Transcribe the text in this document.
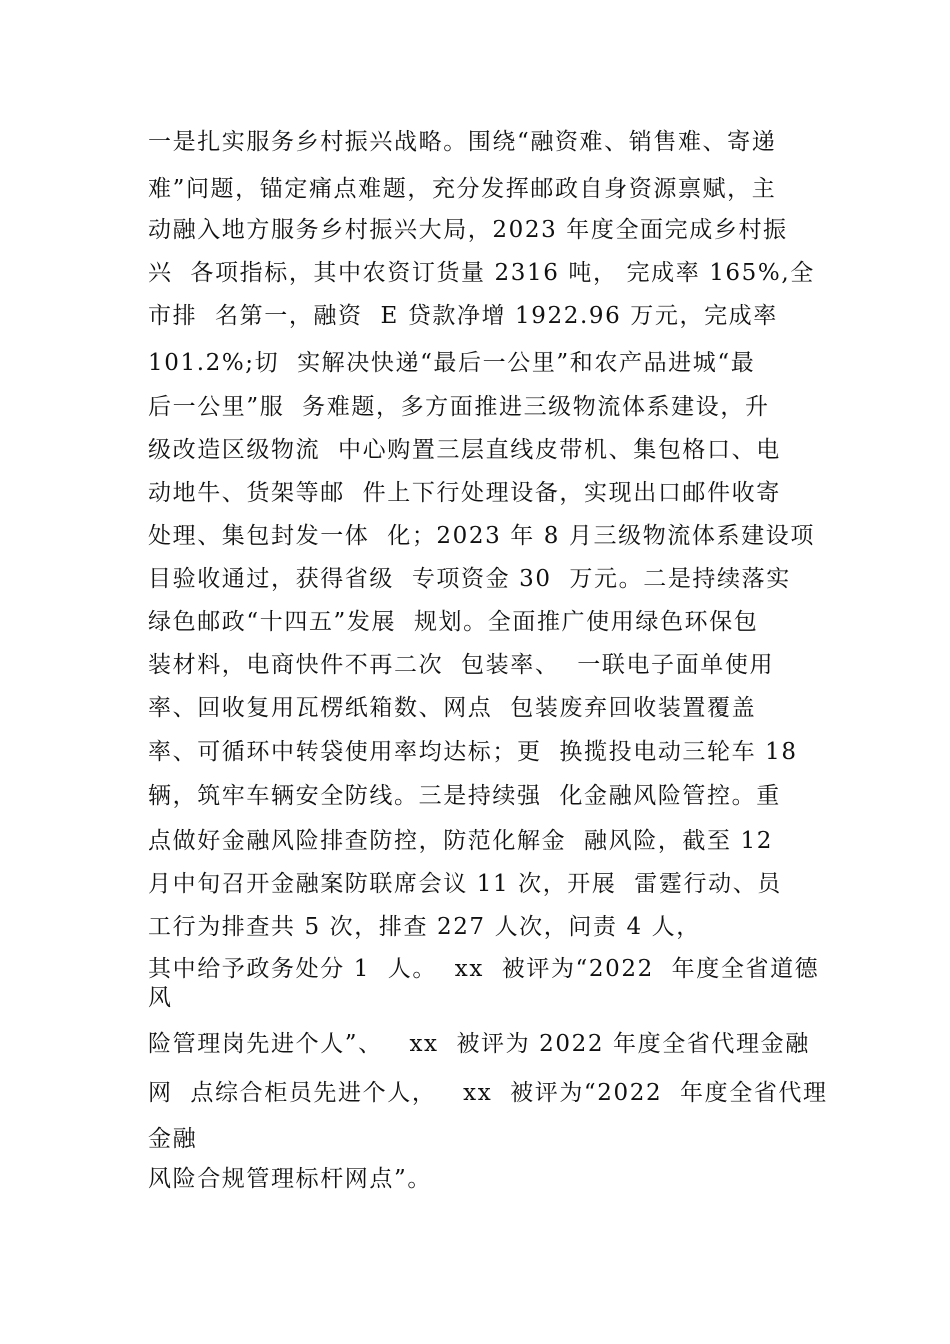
一是扎实服务乡村振兴战略。围绕“融资难、销售难、寄递

难”问题，锚定痛点难题，充分发挥邮政自身资源禀赋，主

动融入地方服务乡村振兴大局，2023 年度全面完成乡村振

兴  各项指标，其中农资订货量 2316 吨， 完成率 165%,全

市排  名第一，融资  E 贷款净增 1922.96 万元，完成率

101.2%;切  实解决快递“最后一公里”和农产品进城“最

后一公里”服  务难题，多方面推进三级物流体系建设，升

级改造区级物流  中心购置三层直线皮带机、集包格口、电

动地牛、货架等邮  件上下行处理设备，实现出口邮件收寄

处理、集包封发一体  化；2023 年 8 月三级物流体系建设项

目验收通过，获得省级  专项资金 30  万元。二是持续落实

绿色邮政“十四五”发展  规划。全面推广使用绿色环保包

装材料，电商快件不再二次  包装率、  一联电子面单使用

率、回收复用瓦楞纸箱数、网点  包装废弃回收装置覆盖

率、可循环中转袋使用率均达标；更  换揽投电动三轮车 18

辆，筑牢车辆安全防线。三是持续强  化金融风险管控。重

点做好金融风险排查防控，防范化解金  融风险，截至 12

月中旬召开金融案防联席会议 11 次，开展  雷霆行动、员

工行为排查共 5 次，排查 227 人次，问责 4 人，

其中给予政务处分 1  人。  xx  被评为“2022  年度全省道德

风

险管理岗先进个人”、   xx  被评为 2022 年度全省代理金融

网  点综合柜员先进个人，   xx  被评为“2022  年度全省代理

金融

风险合规管理标杆网点”。
